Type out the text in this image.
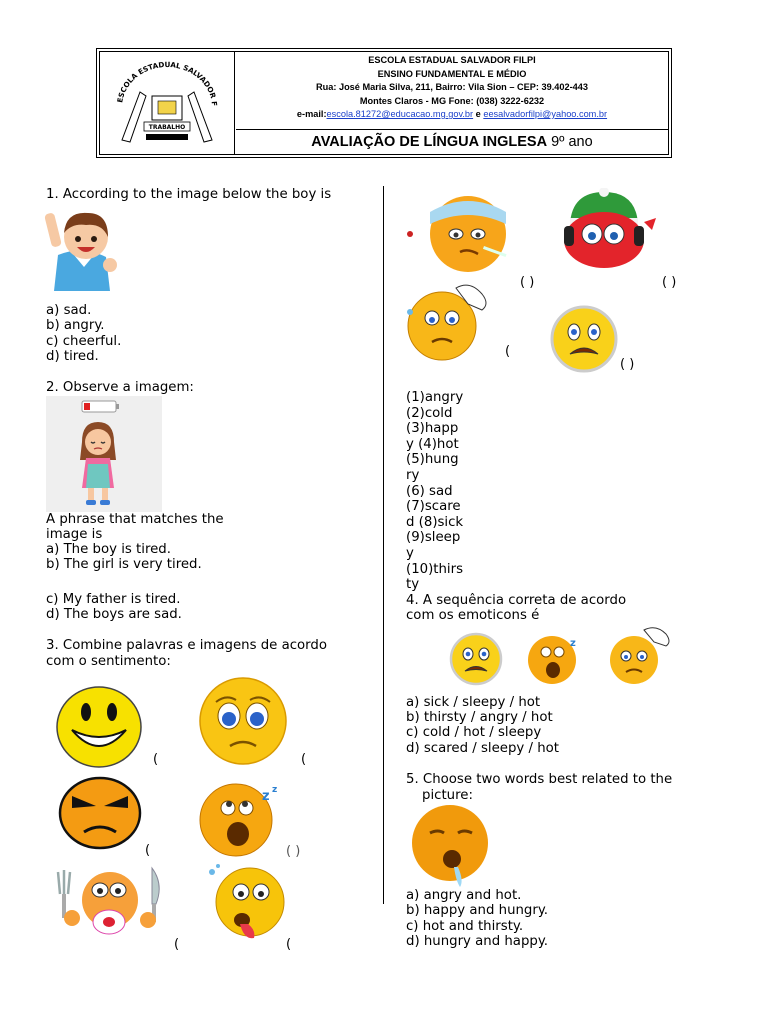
ESCOLA ESTADUAL SALVADOR F
TRABALHO
ESCOLA ESTADUAL SALVADOR FILPI
ENSINO FUNDAMENTAL E MÉDIO
Rua: José Maria Silva, 211, Bairro: Vila Sion – CEP: 39.402-443
Montes Claros - MG Fone: (038) 3222-6232
e-mail:escola.81272@educacao.mg.gov.br e eesalvadorfilpi@yahoo.com.br
AVALIAÇÃO DE LÍNGUA INGLESA 9º ano
1. According to the image below the boy is
a) sad.
b) angry.
c) cheerful.
d) tired.
2. Observe a imagem:
A phrase that matches the
image is
a) The boy is tired.
b) The girl is very tired.
c) My father is tired.
d) The boys are sad.
3. Combine palavras e imagens de acordo
com o sentimento:
(	(
(
z z
( )
(	(
( )	( )
(
( )
(1)angry
(2)cold
(3)happ
y (4)hot
(5)hung
ry
(6) sad
(7)scare
d (8)sick
(9)sleep
y
(10)thirs
ty
4. A sequência correta de acordo
com os emoticons é
z
a) sick / sleepy / hot
b) thirsty / angry / hot
c) cold / hot / sleepy
d) scared / sleepy / hot
5. Choose two words best related to the
picture:
a) angry and hot.
b) happy and hungry.
c) hot and thirsty.
d) hungry and happy.
